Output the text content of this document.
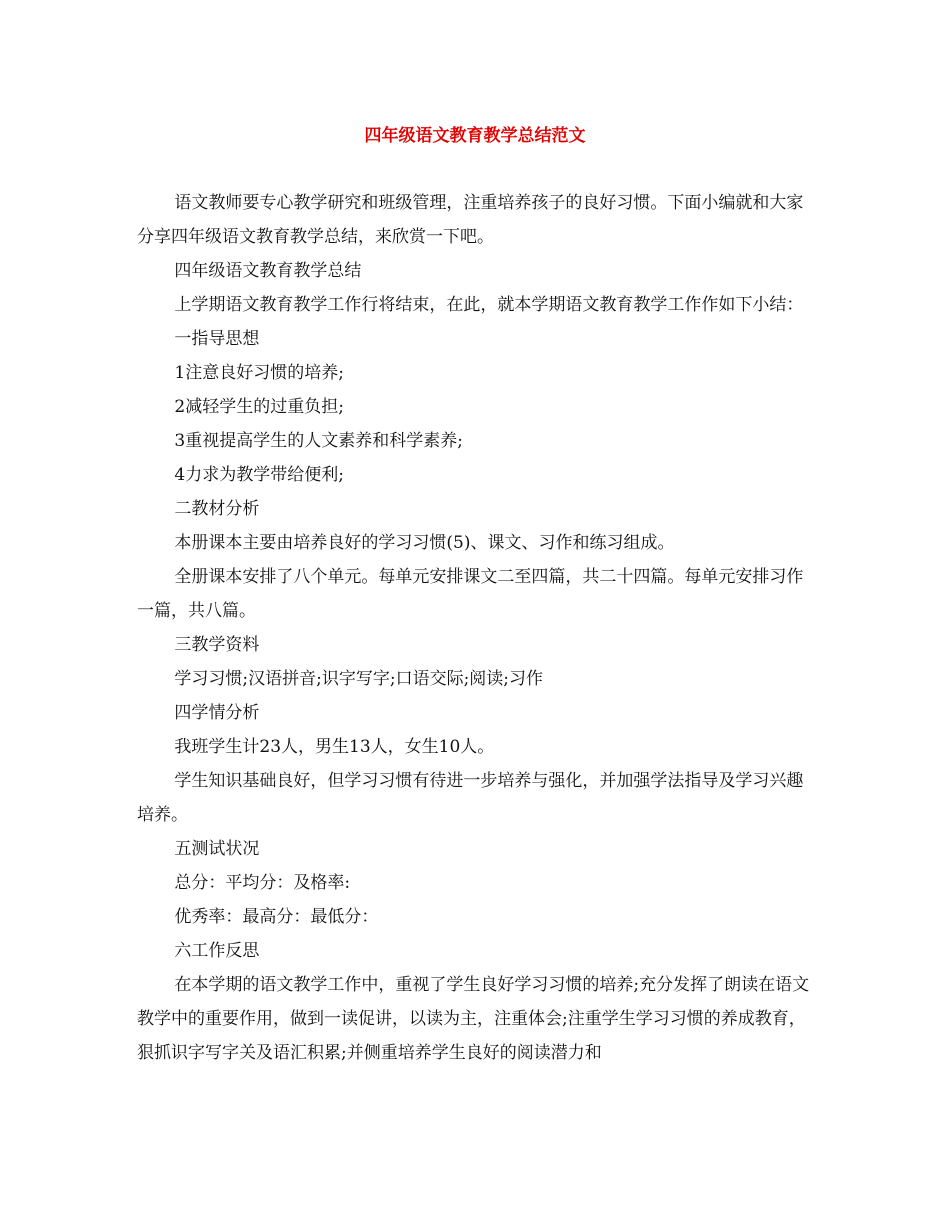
四年级语文教育教学总结范文

语文教师要专心教学研究和班级管理，注重培养孩子的良好习惯。下面小编就和大家分享四年级语文教育教学总结，来欣赏一下吧。

四年级语文教育教学总结

上学期语文教育教学工作行将结束，在此，就本学期语文教育教学工作作如下小结：

一指导思想

1注意良好习惯的培养;

2减轻学生的过重负担;

3重视提高学生的人文素养和科学素养;

4力求为教学带给便利;

二教材分析

本册课本主要由培养良好的学习习惯(5)、课文、习作和练习组成。

全册课本安排了八个单元。每单元安排课文二至四篇，共二十四篇。每单元安排习作一篇，共八篇。

三教学资料

学习习惯;汉语拼音;识字写字;口语交际;阅读;习作

四学情分析

我班学生计23人，男生13人，女生10人。

学生知识基础良好，但学习习惯有待进一步培养与强化，并加强学法指导及学习兴趣培养。

五测试状况

总分：平均分：及格率:

优秀率：最高分：最低分：

六工作反思

在本学期的语文教学工作中，重视了学生良好学习习惯的培养;充分发挥了朗读在语文教学中的重要作用，做到一读促讲，以读为主，注重体会;注重学生学习习惯的养成教育，狠抓识字写字关及语汇积累;并侧重培养学生良好的阅读潜力和
